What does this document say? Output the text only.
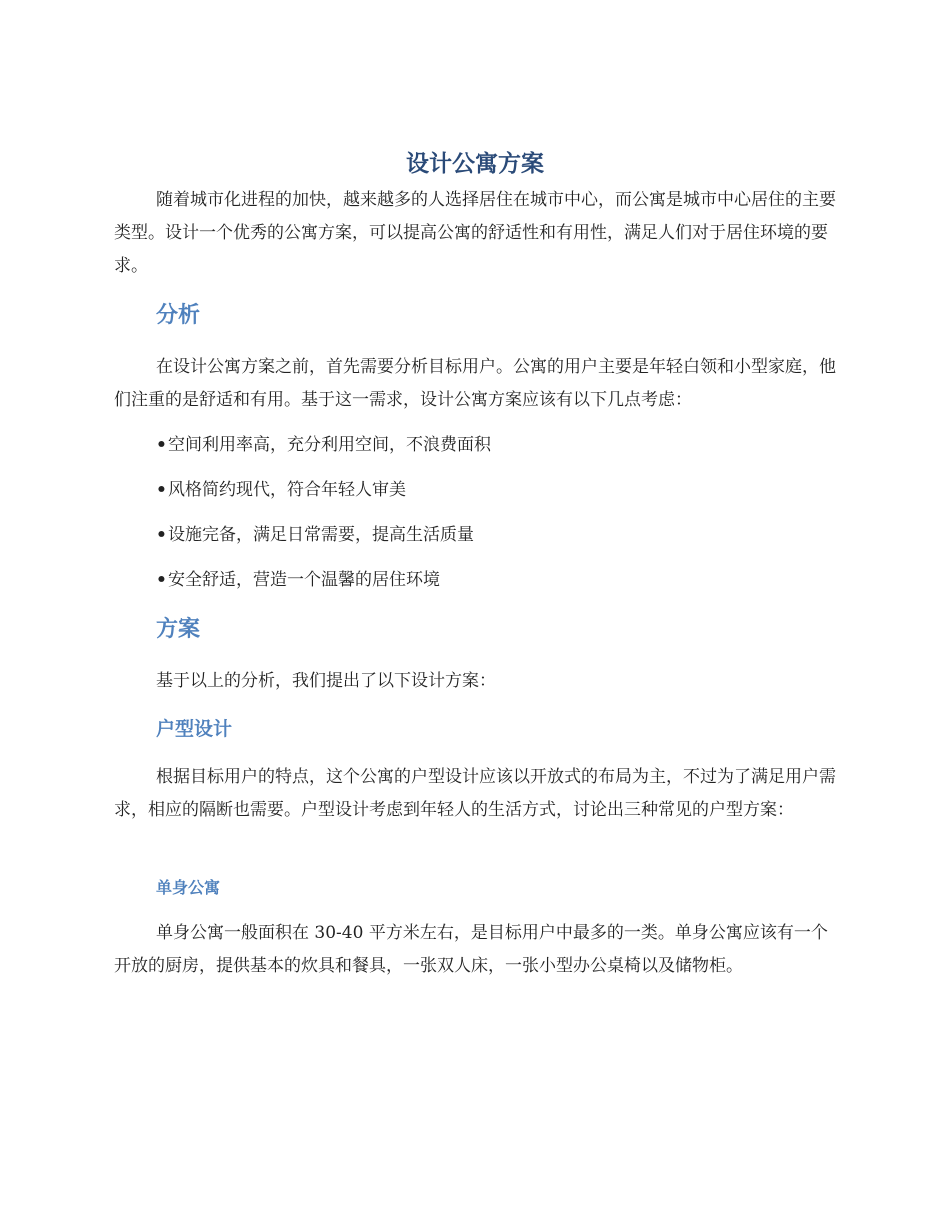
设计公寓方案

随着城市化进程的加快，越来越多的人选择居住在城市中心，而公寓是城市中心居住的主要类型。设计一个优秀的公寓方案，可以提高公寓的舒适性和有用性，满足人们对于居住环境的要求。

分析

在设计公寓方案之前，首先需要分析目标用户。公寓的用户主要是年轻白领和小型家庭，他们注重的是舒适和有用。基于这一需求，设计公寓方案应该有以下几点考虑：

•空间利用率高，充分利用空间，不浪费面积

•风格简约现代，符合年轻人审美

•设施完备，满足日常需要，提高生活质量

•安全舒适，营造一个温馨的居住环境

方案

基于以上的分析，我们提出了以下设计方案：

户型设计

根据目标用户的特点，这个公寓的户型设计应该以开放式的布局为主，不过为了满足用户需求，相应的隔断也需要。户型设计考虑到年轻人的生活方式，讨论出三种常见的户型方案：

单身公寓

单身公寓一般面积在 30-40 平方米左右，是目标用户中最多的一类。单身公寓应该有一个开放的厨房，提供基本的炊具和餐具，一张双人床，一张小型办公桌椅以及储物柜。
